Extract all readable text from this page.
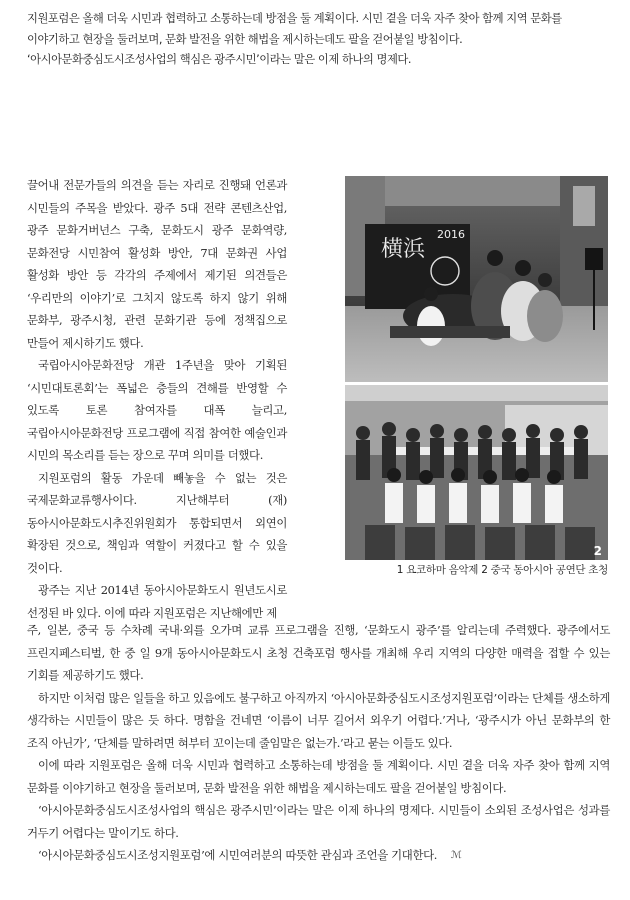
지원포럼은 올해 더욱 시민과 협력하고 소통하는데 방점을 둘 계획이다. 시민 곁을 더욱 자주 찾아 함께 지역 문화를 이야기하고 현장을 둘러보며, 문화 발전을 위한 해법을 제시하는데도 팔을 걷어붙일 방침이다. ‘아시아문화중심도시조성사업의 핵심은 광주시민’이라는 말은 이제 하나의 명제다.

끌어내 전문가들의 의견을 듣는 자리로 진행돼 언론과 시민들의 주목을 받았다. 광주 5대 전략 콘텐츠산업, 광주 문화거버넌스 구축, 문화도시 광주 문화역량, 문화전당 시민참여 활성화 방안, 7대 문화권 사업 활성화 방안 등 각각의 주제에서 제기된 의견들은 ‘우리만의 이야기’로 그치지 않도록 하지 않기 위해 문화부, 광주시청, 관련 문화기관 등에 정책집으로 만들어 제시하기도 했다.

국립아시아문화전당 개관 1주년을 맞아 기획된 ‘시민대토론회’는 폭넓은 층들의 견해를 반영할 수 있도록 토론 참여자를 대폭 늘리고, 국립아시아문화전당 프로그램에 직접 참여한 예술인과 시민의 목소리를 듣는 장으로 꾸며 의미를 더했다.

지원포럼의 활동 가운데 빼놓을 수 없는 것은 국제문화교류행사이다. 지난해부터 (재)동아시아문화도시추진위원회가 통합되면서 외연이 확장된 것으로, 책임과 역할이 커졌다고 할 수 있을 것이다.

광주는 지난 2014년 동아시아문화도시 원년도시로 선정된 바 있다. 이에 따라 지원포럼은 지난해에만 제

横浜
2016
2
1 요코하마 음악제 2 중국 동아시아 공연단 초청

주, 일본, 중국 등 수차례 국내·외를 오가며 교류 프로그램을 진행, ‘문화도시 광주’를 알리는데 주력했다. 광주에서도 프린지페스티벌, 한 중 일 9개 동아시아문화도시 초청 건축포럼 행사를 개최해 우리 지역의 다양한 매력을 접할 수 있는 기회를 제공하기도 했다.

하지만 이처럼 많은 일들을 하고 있음에도 불구하고 아직까지 ‘아시아문화중심도시조성지원포럼’이라는 단체를 생소하게 생각하는 시민들이 많은 듯 하다. 명함을 건네면 ‘이름이 너무 길어서 외우기 어렵다.’거나, ‘광주시가 아닌 문화부의 한 조직 아닌가’, ‘단체를 말하려면 혀부터 꼬이는데 줄임말은 없는가.’라고 묻는 이들도 있다.

이에 따라 지원포럼은 올해 더욱 시민과 협력하고 소통하는데 방점을 둘 계획이다. 시민 곁을 더욱 자주 찾아 함께 지역 문화를 이야기하고 현장을 둘러보며, 문화 발전을 위한 해법을 제시하는데도 팔을 걷어붙일 방침이다.

‘아시아문화중심도시조성사업의 핵심은 광주시민’이라는 말은 이제 하나의 명제다. 시민들이 소외된 조성사업은 성과를 거두기 어렵다는 말이기도 하다.

‘아시아문화중심도시조성지원포럼’에 시민여러분의 따뜻한 관심과 조언을 기대한다. ℳ
